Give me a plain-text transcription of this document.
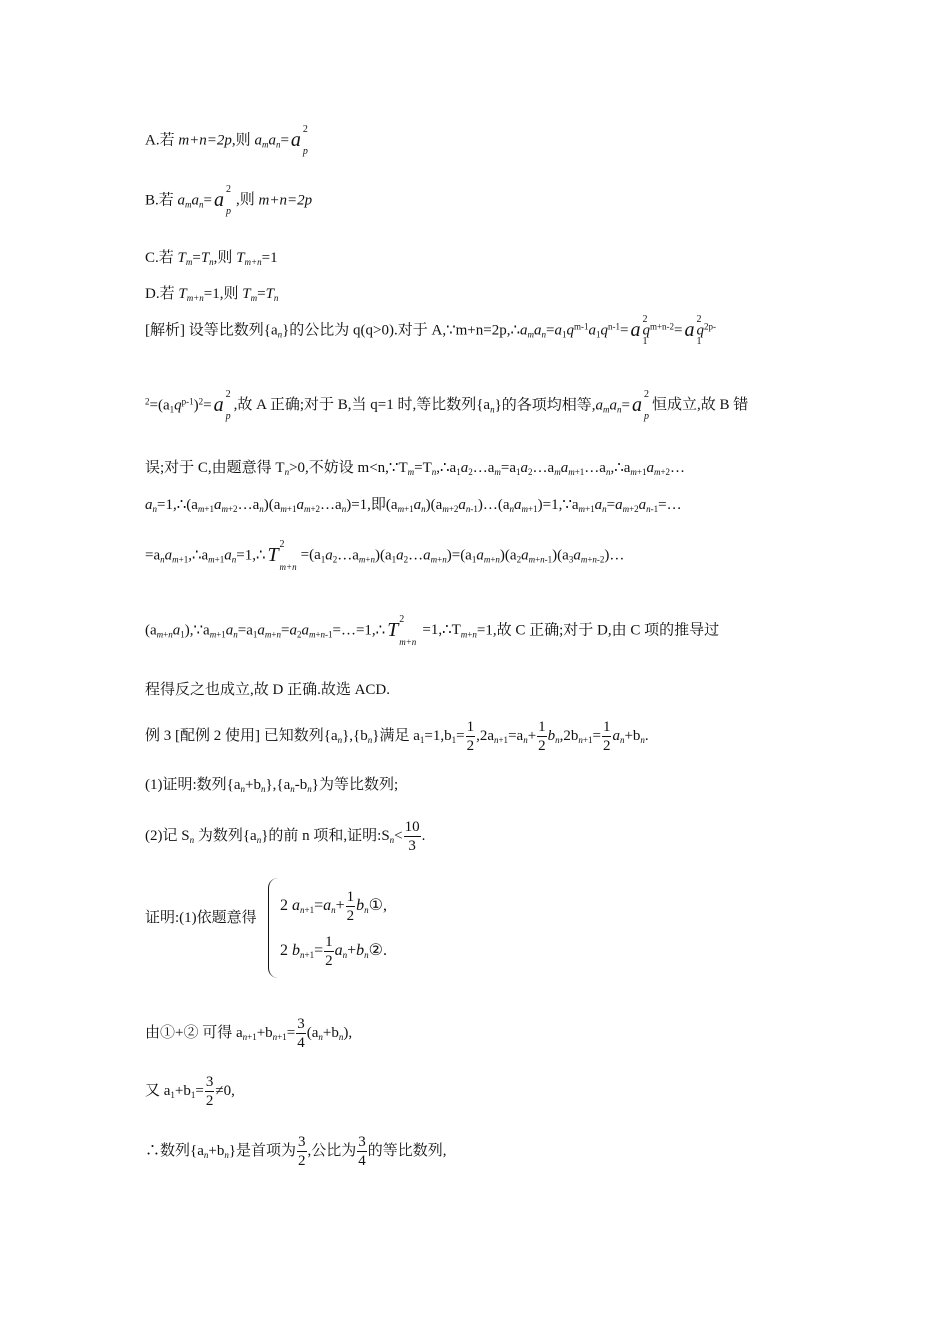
A.若 m+n=2p,则 $a_ma_n= a$ 2
p
B.若 $a_ma_n= a$ 2
p
,则 m+n=2p
C.若 $T_m=T_n$,则 $T_{m+n}=1$
D.若 $T_{m+n}=1$,则 $T_m=T_n$
[解析] 设等比数列$\{a_n\}$的公比为 q(q>0).对于 $A,\because m+n=2p,\therefore a_ma_n=a_1q^{m-1}a_1q^{n-1}= a$ 2
1
$q^{m+n-2}= a$ 2
1
$q^{2p-}$
$^2=(a_1q^{p-1})^2= a$ 2
p
,故 A 正确;对于 B,当 q=1 时,等比数列$\{a_n\}$的各项均相等$,a_ma_n= a$ 2
p
恒成立,故 B 错
误;对于 C,由题意得 $T_n>0$,不妨设 $m<n,\because T_m=T_n,\therefore a_1a_2\dots a_m=a_1a_2\dots a_ma_{m+1}\dots a_n,\therefore a_{m+1}a_{m+2}\dots$
$a_n=1,\therefore(a_{m+1}a_{m+2}\dots a_n)(a_{m+1}a_{m+2}\dots a_n)=1$,即$(a_{m+1}a_n)(a_{m+2}a_{n-1})\dots(a_na_{m+1})=1,\because a_{m+1}a_n=a_{m+2}a_{n-1}=\dots$
$=a_na_{m+1},\therefore a_{m+1}a_n=1,\therefore$ T 2
m+n
$=(a_1a_2\dots a_{m+n})(a_1a_2\dots a_{m+n})=(a_1a_{m+n})(a_2a_{m+n-1})(a_3a_{m+n-2})\dots$
$(a_{m+n}a_1),\because a_{m+1}a_n=a_1a_{m+n}=a_2a_{m+n-1}=\dots=1,\therefore$ T 2
m+n
$=1,\therefore T_{m+n}=1$,故 C 正确;对于 D,由 C 项的推导过
程得反之也成立,故 D 正确.故选 ACD.
例 3 [配例 2 使用] 已知数列$\{a_n\},\{b_n\}$满足 $a_1=1,b_1= \frac{1}{2} ,2a_{n+1}=a_n+ \frac{1}{2} b_n,2b_{n+1}= \frac{1}{2} a_n+b_n$.
(1)证明:数列$\{a_n+b_n\},\{a_n-b_n\}$为等比数列;
(2)记 $S_n$ 为数列$\{a_n\}$的前 n 项和,证明$:S_n< \frac{10}{3}$ .
证明:(1)依题意得
2 $a_{n+1}=a_n+ \frac{1}{2}$ $b_n①$,
2 $b_{n+1}= \frac{1}{2}$ $a_n+b_n②$.
由①+② 可得 $a_{n+1}+b_{n+1}= \frac{3}{4} (a_n+b_n)$,
又 $a_1+b_1= \frac{3}{2} \ne 0$,
∴数列$\{a_n+b_n\}$是首项为 $\frac{3}{2}$ ,公比为 $\frac{3}{4}$ 的等比数列,
